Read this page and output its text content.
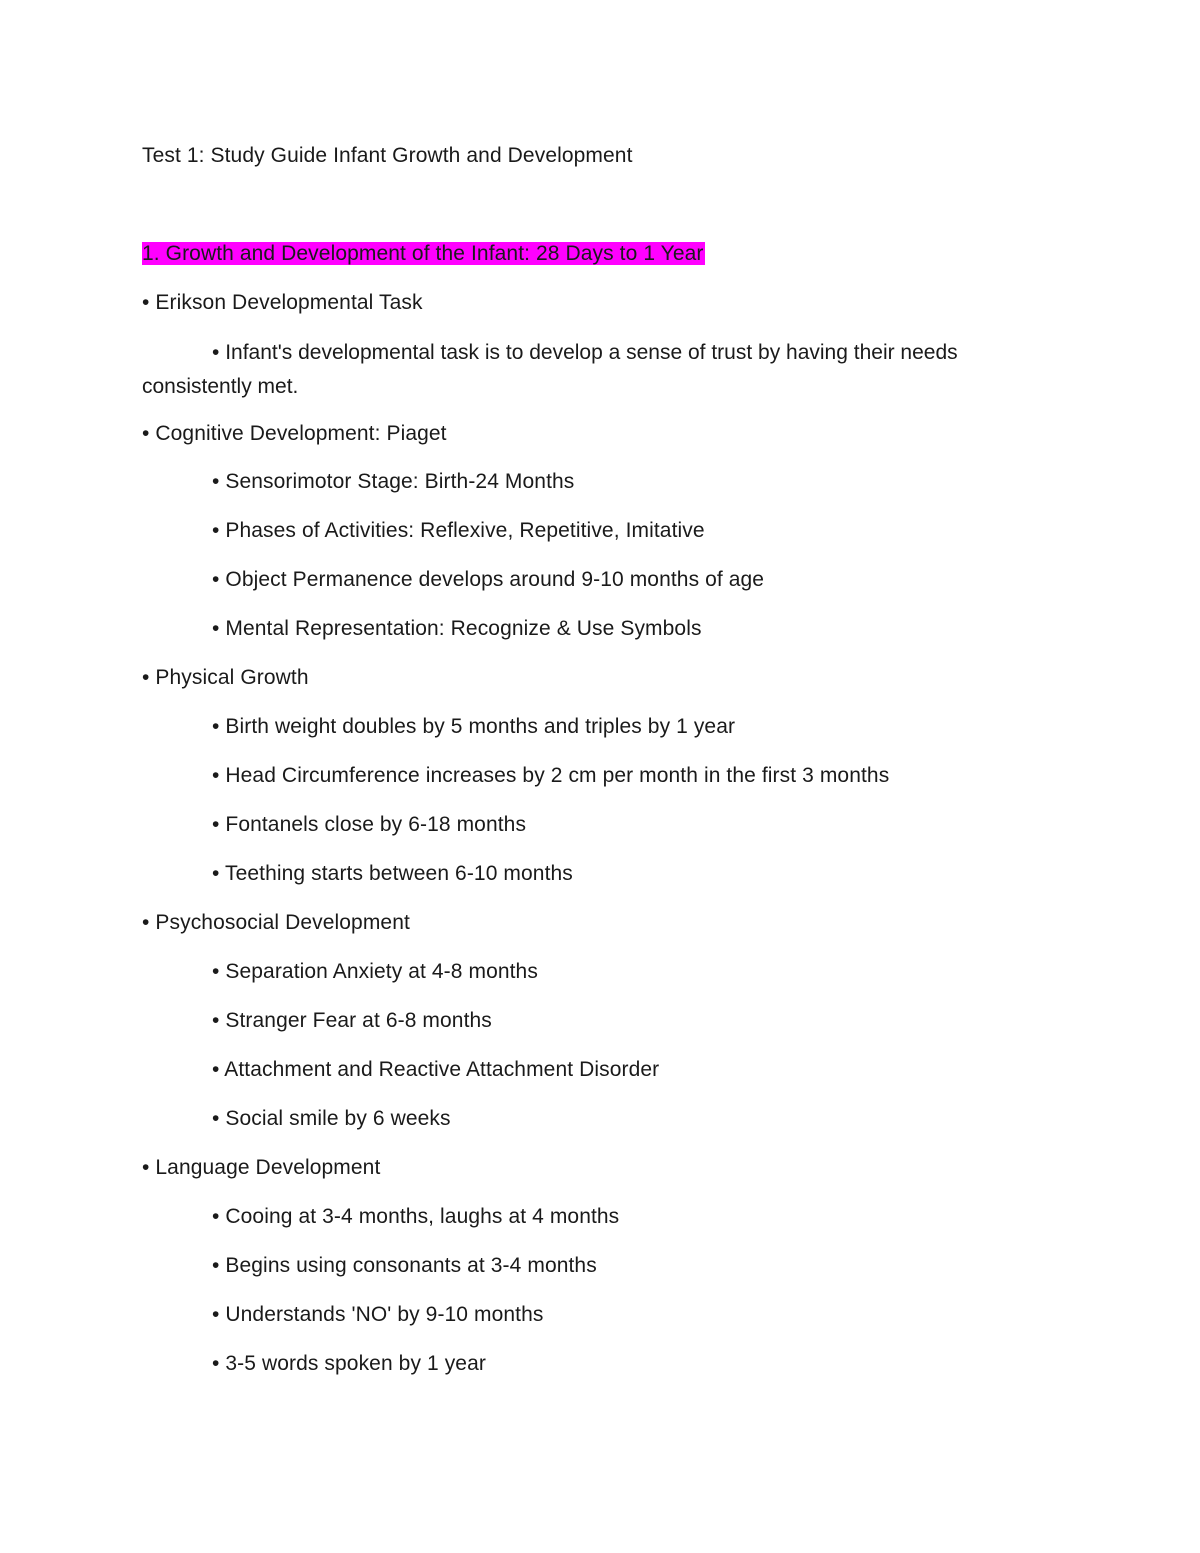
Test 1: Study Guide Infant Growth and Development
1. Growth and Development of the Infant: 28 Days to 1 Year
• Erikson Developmental Task
• Infant's developmental task is to develop a sense of trust by having their needs consistently met.
• Cognitive Development: Piaget
• Sensorimotor Stage: Birth-24 Months
• Phases of Activities: Reflexive, Repetitive, Imitative
• Object Permanence develops around 9-10 months of age
• Mental Representation: Recognize & Use Symbols
• Physical Growth
• Birth weight doubles by 5 months and triples by 1 year
• Head Circumference increases by 2 cm per month in the first 3 months
• Fontanels close by 6-18 months
• Teething starts between 6-10 months
• Psychosocial Development
• Separation Anxiety at 4-8 months
• Stranger Fear at 6-8 months
• Attachment and Reactive Attachment Disorder
• Social smile by 6 weeks
• Language Development
• Cooing at 3-4 months, laughs at 4 months
• Begins using consonants at 3-4 months
• Understands 'NO' by 9-10 months
• 3-5 words spoken by 1 year
